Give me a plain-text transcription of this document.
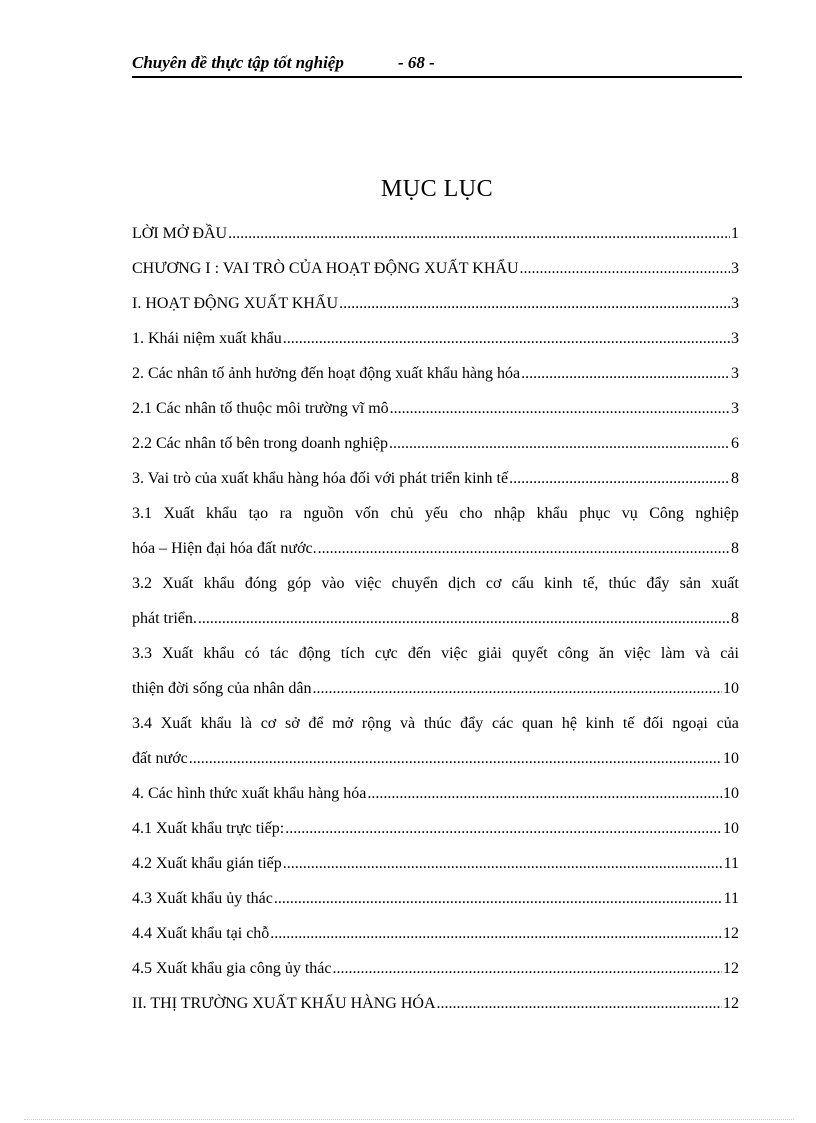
Chuyên đề thực tập tốt nghiệp	- 68 -
MỤC LỤC
LỜI MỞ ĐẦU .....	1
CHƯƠNG I : VAI TRÒ CỦA HOẠT ĐỘNG XUẤT KHẨU .....	3
I. HOẠT ĐỘNG XUẤT KHẨU .....	3
1. Khái niệm xuất khẩu .....	3
2. Các nhân tố ảnh hưởng đến hoạt động xuất khẩu hàng hóa .....	3
2.1 Các nhân tố thuộc môi trường vĩ mô .....	3
2.2 Các nhân tố bên trong doanh nghiệp .....	6
3. Vai trò của xuất khẩu hàng hóa đối với phát triển kinh tế .....	8
3.1 Xuất khẩu tạo ra nguồn vốn chủ yếu cho nhập khẩu phục vụ Công nghiệp
hóa – Hiện đại hóa đất nước. .....	8
3.2 Xuất khẩu đóng góp vào việc chuyển dịch cơ cấu kinh tế, thúc đẩy sản xuất
phát triển. .....	8
3.3 Xuất khẩu có tác động tích cực đến việc giải quyết công ăn việc làm và cải
thiện đời sống của nhân dân .....	10
3.4 Xuất khẩu là cơ sở để mở rộng và thúc đẩy các quan hệ kinh tế đối ngoại của
đất nước .....	10
4. Các hình thức xuất khẩu hàng hóa .....	10
4.1 Xuất khẩu trực tiếp: .....	10
4.2 Xuất khẩu gián tiếp .....	11
4.3 Xuất khẩu ủy thác .....	11
4.4 Xuất khẩu tại chỗ .....	12
4.5 Xuất khẩu gia công ủy thác .....	12
II. THỊ TRƯỜNG XUẤT KHẨU HÀNG HÓA .....	12
